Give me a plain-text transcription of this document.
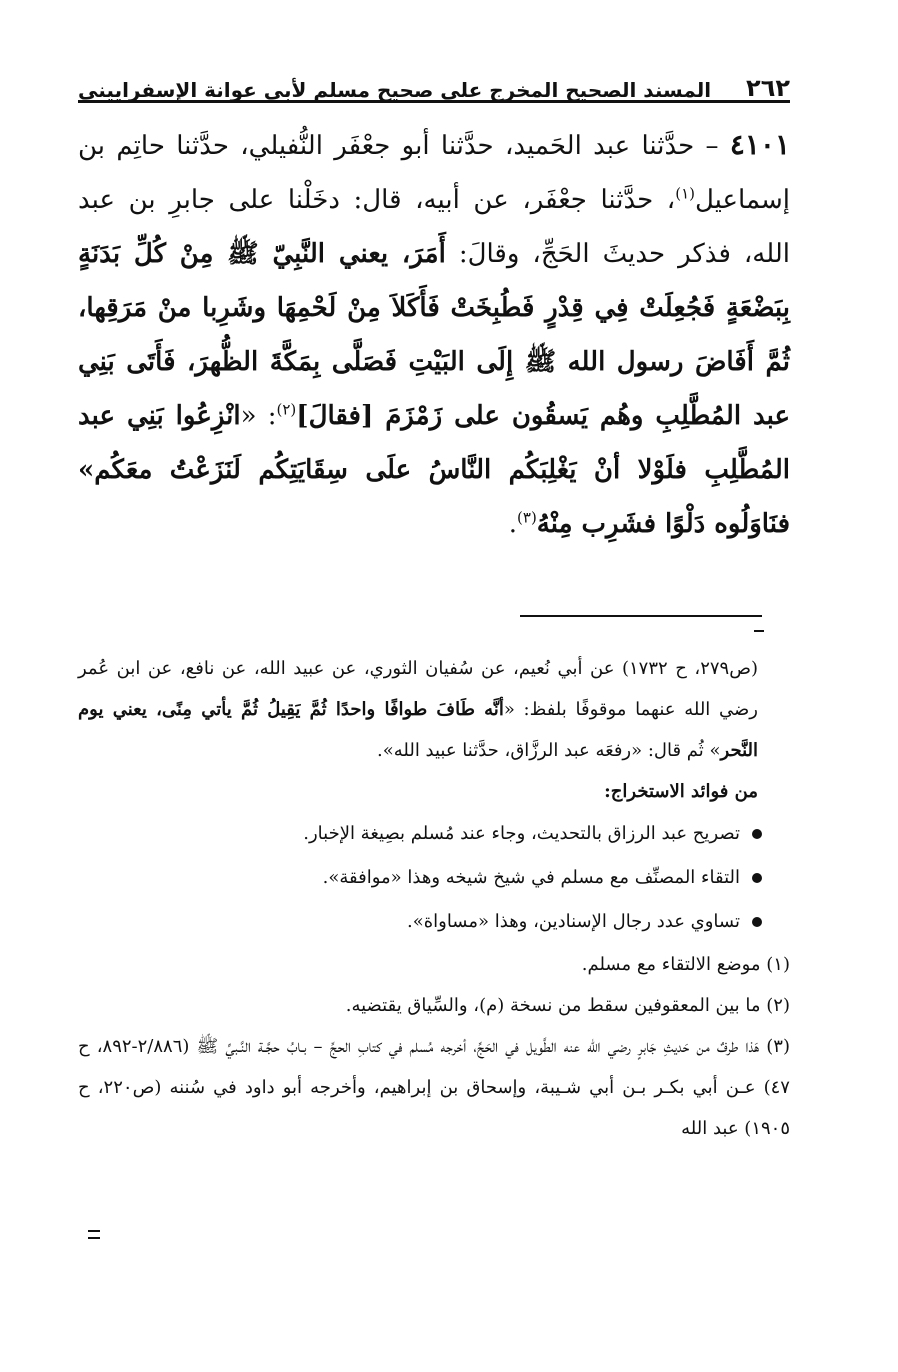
٢٦٢
المسند الصحيح المخرج على صحيح مسلم لأبي عوانة الإسفراييني

٤١٠١ – حدَّثنا عبد الحَميد، حدَّثنا أبو جعْفَر النُّفيلي، حدَّثنا حاتِم بن إسماعيل$^{(١)}$، حدَّثنا جعْفَر، عن أبيه، قال: دخَلْنا على جابرِ بن عبد الله، فذكر حديثَ الحَجِّ، وقالَ: أَمَرَ، يعني النَّبِيّ ﷺ مِنْ كُلِّ بَدَنَةٍ بِبَضْعَةٍ فَجُعِلَتْ فِي قِدْرٍ فَطُبِخَتْ فَأَكَلاَ مِنْ لَحْمِهَا وشَرِبا منْ مَرَقِها، ثُمَّ أَفَاضَ رسول الله ﷺ إِلَى البَيْتِ فَصَلَّى بِمَكَّةَ الظُّهرَ، فَأَتَى بَنِي عبد المُطَّلِبِ وهُم يَسقُون على زَمْزَمَ [فقالَ]$^{(٢)}$: «انْزِعُوا بَنِي عبد المُطَّلِبِ فلَوْلا أنْ يَغْلِبَكُم النَّاسُ علَى سِقَايَتِكُم لَنَزَعْتُ معَكُم» فنَاوَلُوه دَلْوًا فشَرِب مِنْهُ$^{(٣)}$.

(ص٢٧٩، ح ١٧٣٢) عن أبي نُعيم، عن سُفيان الثوري، عن عبيد الله، عن نافع، عن ابن عُمر رضي الله عنهما موقوفًا بلفظ: «أنَّه طَافَ طوافًا واحدًا ثُمَّ يَقِيلُ ثُمَّ يأتي مِنًى، يعني يوم النَّحر» ثُم قال: «رفعَه عبد الرزَّاق، حدَّثنا عبيد الله».

من فوائد الاستخراج:

تصريح عبد الرزاق بالتحديث، وجاء عند مُسلم بصِيغة الإخبار.
التقاء المصنِّف مع مسلم في شيخ شيخه وهذا «موافقة».
تساوي عدد رجال الإسنادين، وهذا «مساواة».

(١) موضع الالتقاء مع مسلم.

(٢) ما بين المعقوفين سقط من نسخة (م)، والسِّياق يقتضيه.

(٣) هَذا طرفٌ من حَديثِ جَابرٍ رضي الله عنه الطَّويل في الحَجِّ، أخرجه مُسلم في كتابِ الحجِّ – بـابُ حجَّـة النَّـبيِّ ﷺ (٢/٨٨٦-٨٩٢، ح ٤٧) عـن أبي بكـر بـن أبي شـيبة، وإسحاق بن إبراهيم، وأخرجه أبو داود في سُننه (ص٢٢٠، ح ١٩٠٥) عبد الله
